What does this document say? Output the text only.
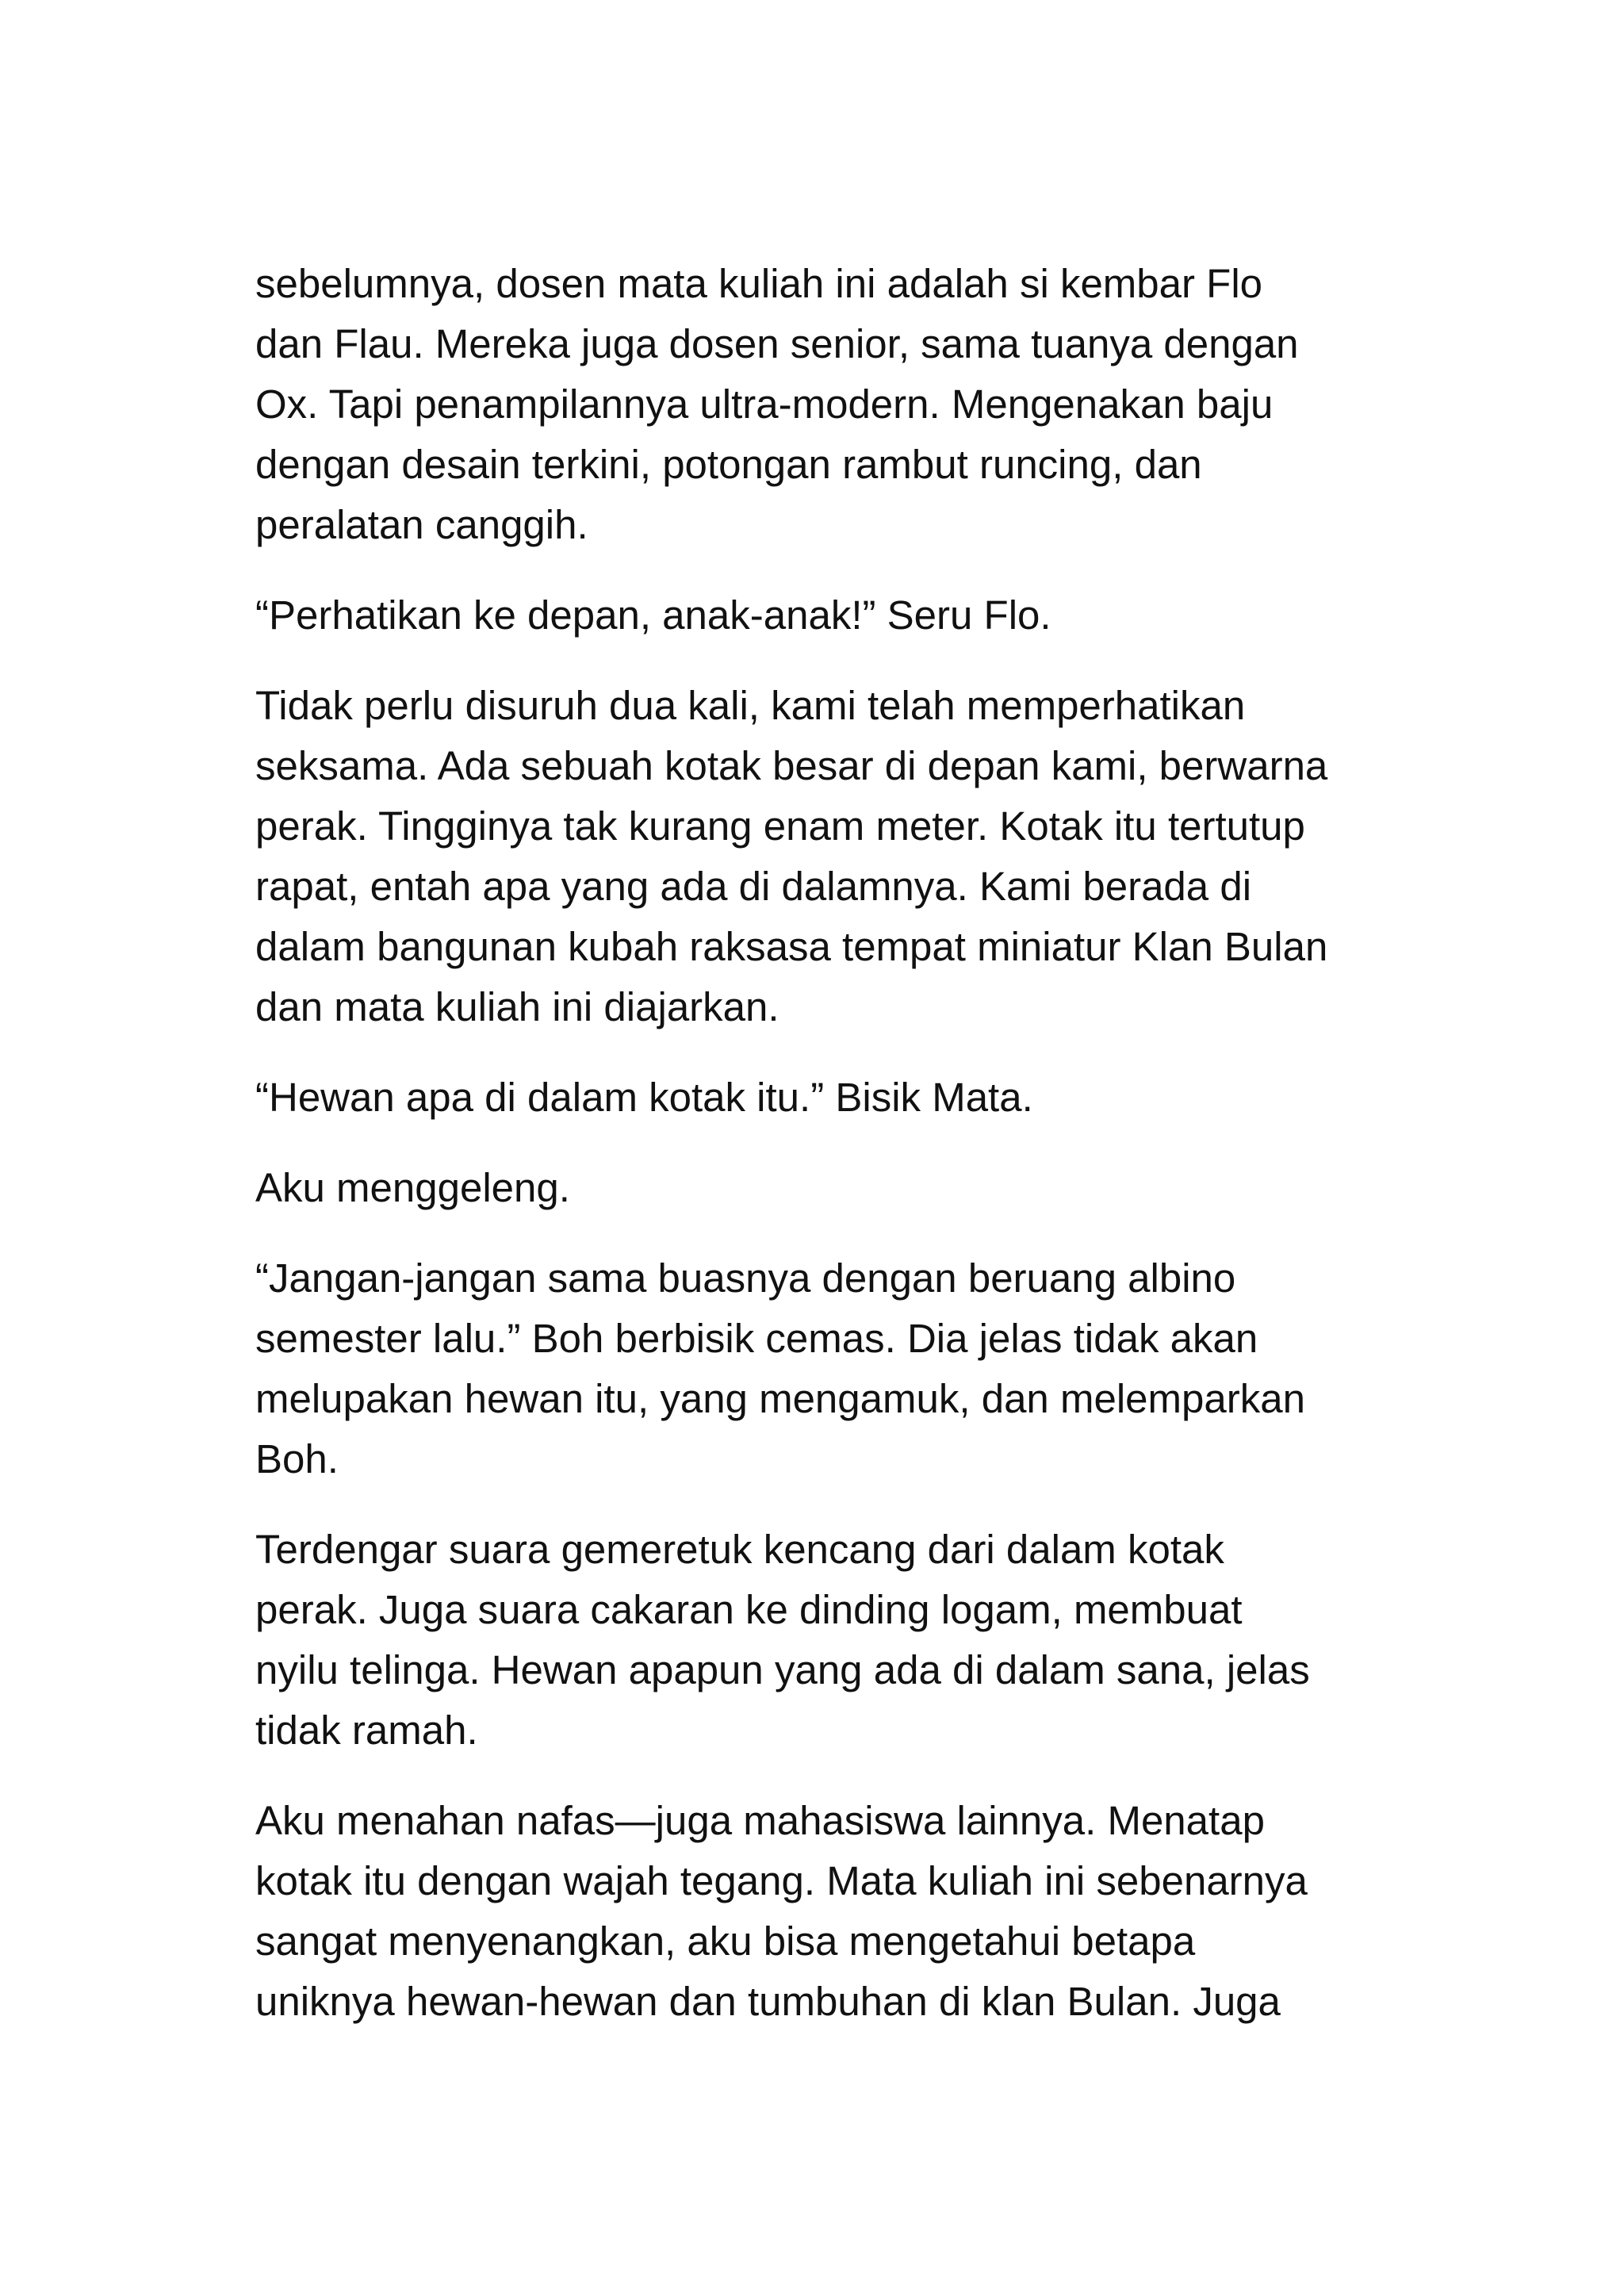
sebelumnya, dosen mata kuliah ini adalah si kembar Flo
dan Flau. Mereka juga dosen senior, sama tuanya dengan
Ox. Tapi penampilannya ultra-modern. Mengenakan baju
dengan desain terkini, potongan rambut runcing, dan
peralatan canggih.

“Perhatikan ke depan, anak-anak!” Seru Flo.

Tidak perlu disuruh dua kali, kami telah memperhatikan
seksama. Ada sebuah kotak besar di depan kami, berwarna
perak. Tingginya tak kurang enam meter. Kotak itu tertutup
rapat, entah apa yang ada di dalamnya. Kami berada di
dalam bangunan kubah raksasa tempat miniatur Klan Bulan
dan mata kuliah ini diajarkan.

“Hewan apa di dalam kotak itu.” Bisik Mata.

Aku menggeleng.

“Jangan-jangan sama buasnya dengan beruang albino
semester lalu.” Boh berbisik cemas. Dia jelas tidak akan
melupakan hewan itu, yang mengamuk, dan melemparkan
Boh.

Terdengar suara gemeretuk kencang dari dalam kotak
perak. Juga suara cakaran ke dinding logam, membuat
nyilu telinga. Hewan apapun yang ada di dalam sana, jelas
tidak ramah.

Aku menahan nafas—juga mahasiswa lainnya. Menatap
kotak itu dengan wajah tegang. Mata kuliah ini sebenarnya
sangat menyenangkan, aku bisa mengetahui betapa
uniknya hewan-hewan dan tumbuhan di klan Bulan. Juga
